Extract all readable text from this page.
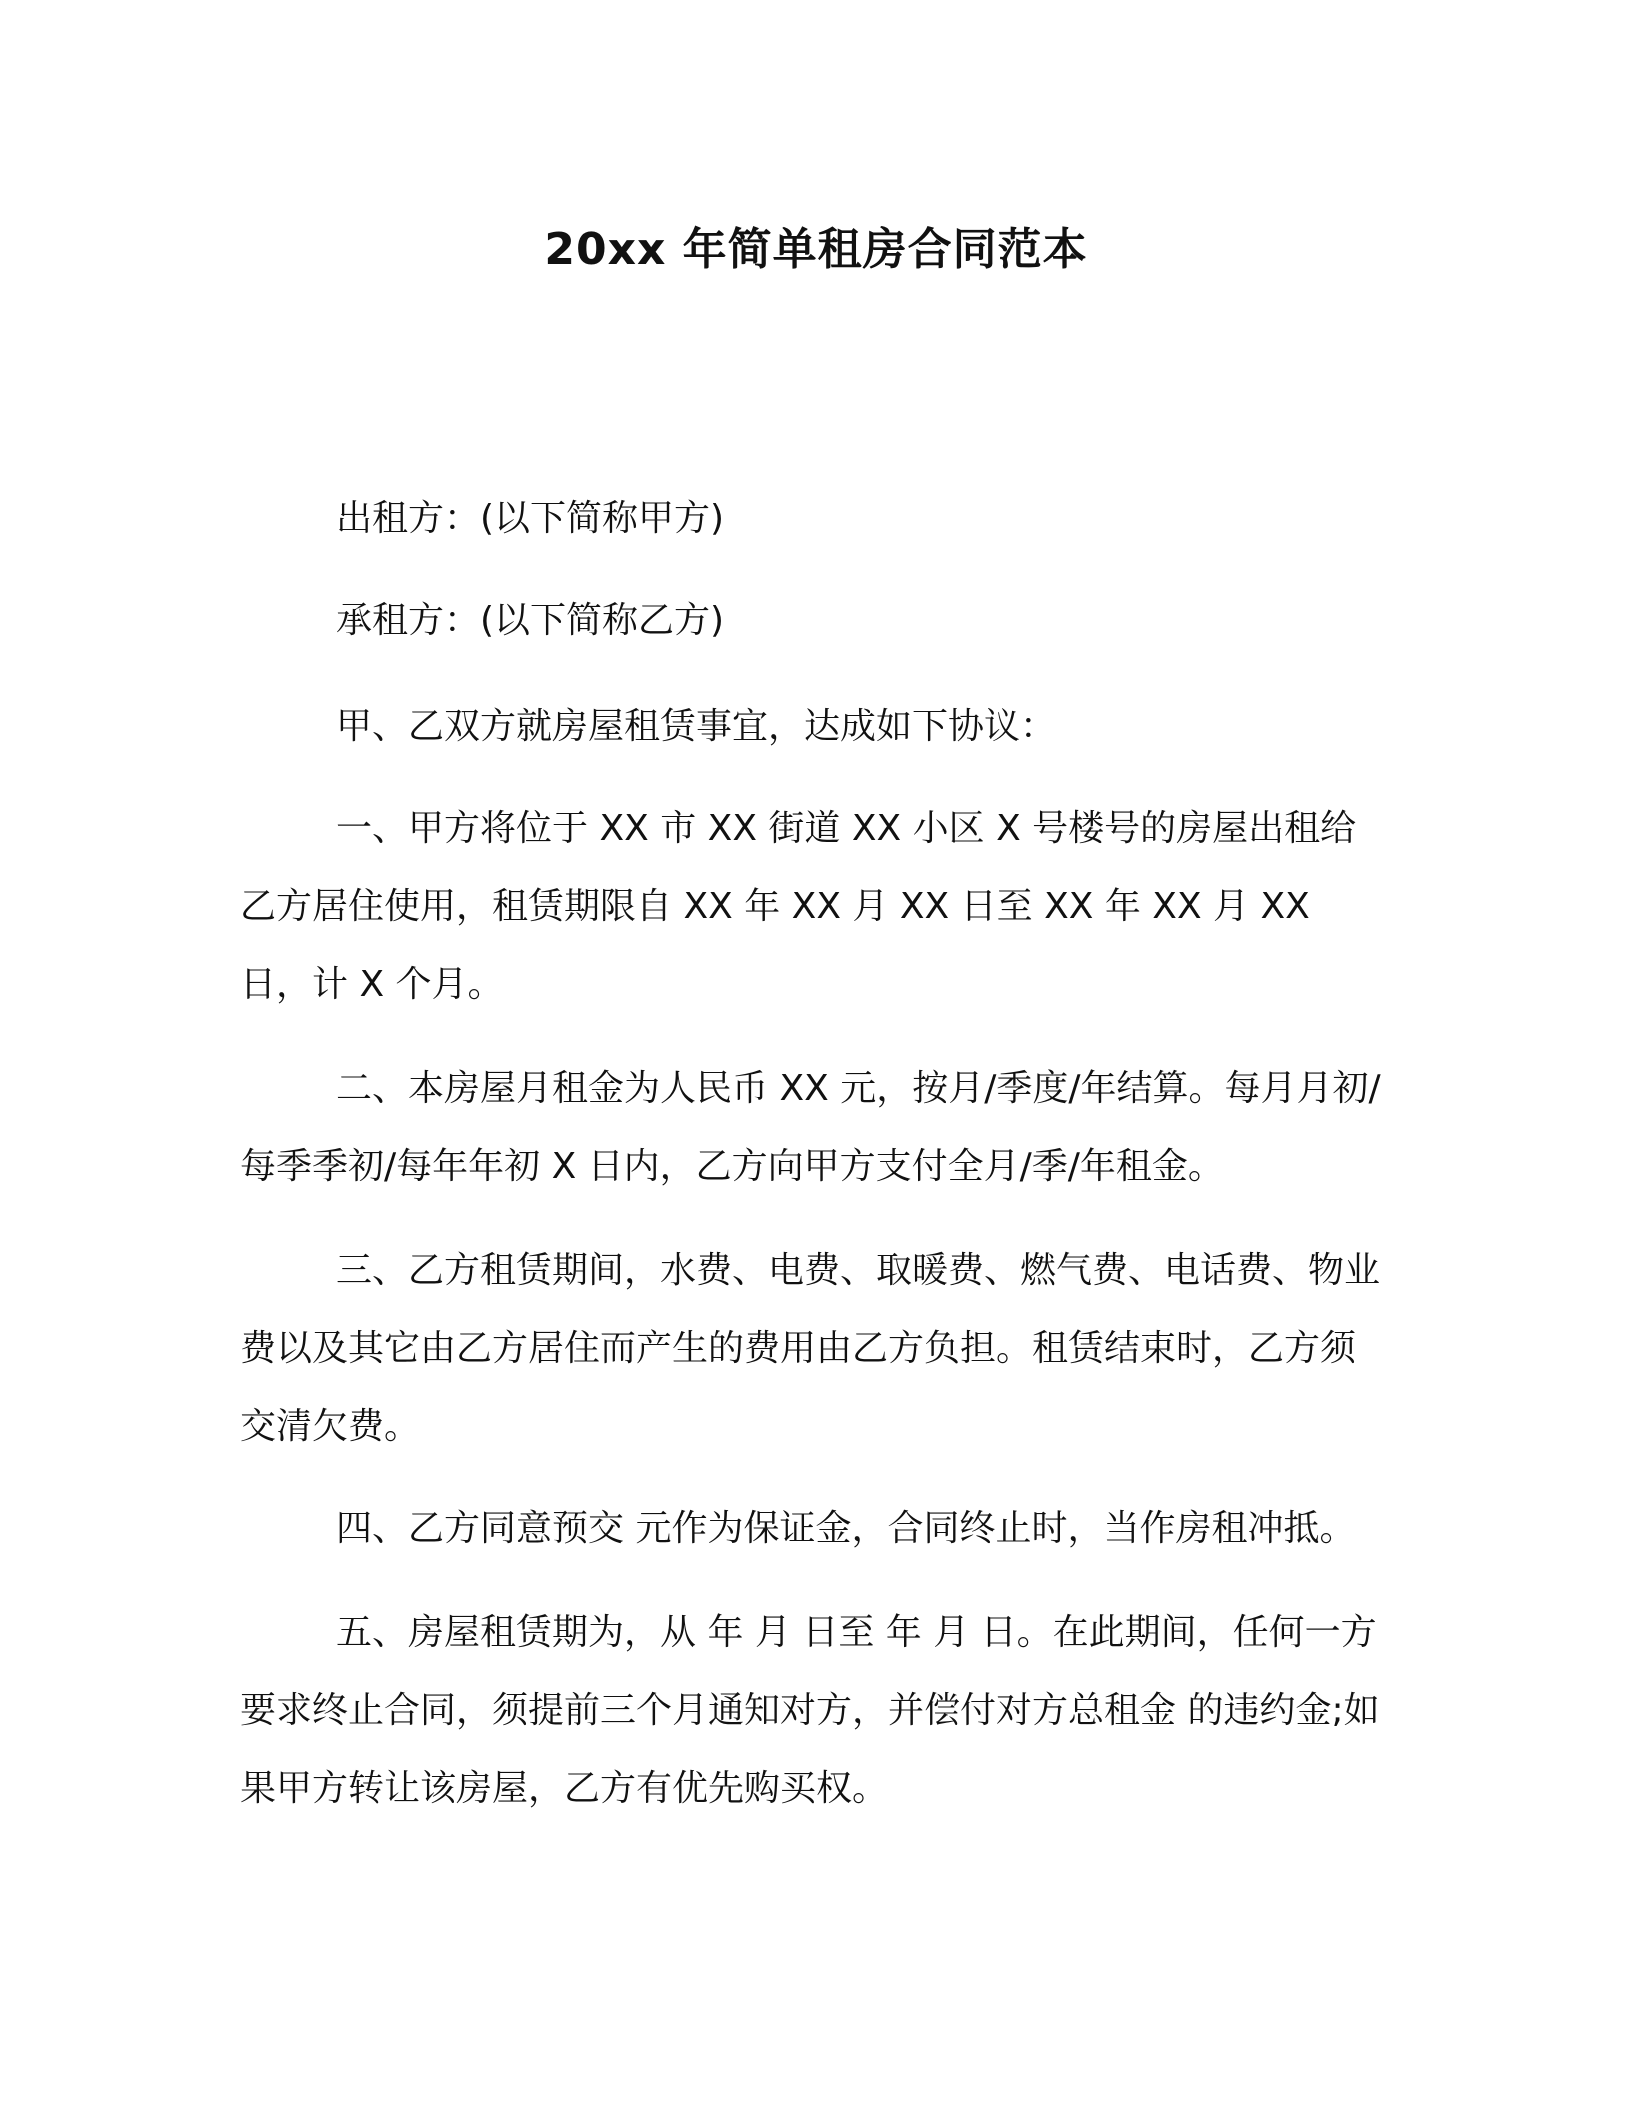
20xx 年简单租房合同范本

出租方：(以下简称甲方)

承租方：(以下简称乙方)

甲、乙双方就房屋租赁事宜，达成如下协议：

一、甲方将位于 XX 市 XX 街道 XX 小区 X 号楼号的房屋出租给乙方居住使用，租赁期限自 XX 年 XX 月 XX 日至 XX 年 XX 月 XX 日，计 X 个月。

二、本房屋月租金为人民币 XX 元，按月/季度/年结算。每月月初/每季季初/每年年初 X 日内，乙方向甲方支付全月/季/年租金。

三、乙方租赁期间，水费、电费、取暖费、燃气费、电话费、物业费以及其它由乙方居住而产生的费用由乙方负担。租赁结束时，乙方须交清欠费。

四、乙方同意预交 元作为保证金，合同终止时，当作房租冲抵。

五、房屋租赁期为，从 年 月 日至 年 月 日。在此期间，任何一方要求终止合同，须提前三个月通知对方，并偿付对方总租金 的违约金;如果甲方转让该房屋，乙方有优先购买权。
